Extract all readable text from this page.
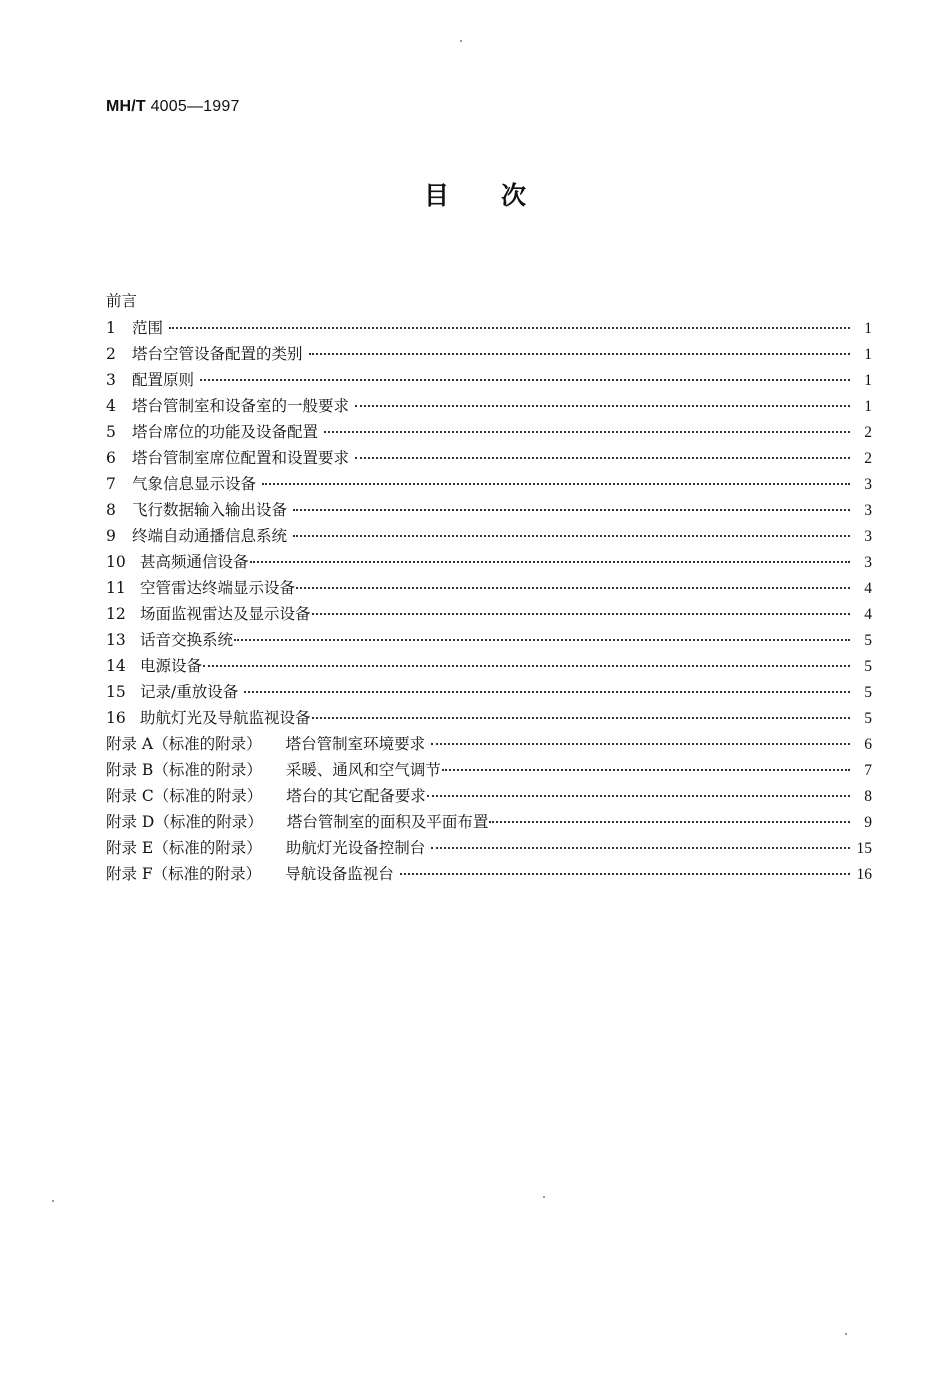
MH/T 4005—1997
目 次
前言
1	范围	1
2	塔台空管设备配置的类别	1
3	配置原则	1
4	塔台管制室和设备室的一般要求	1
5	塔台席位的功能及设备配置	2
6	塔台管制室席位配置和设置要求	2
7	气象信息显示设备	3
8	飞行数据输入输出设备	3
9	终端自动通播信息系统	3
10 甚高频通信设备	3
11 空管雷达终端显示设备	4
12 场面监视雷达及显示设备	4
13 话音交换系统	5
14 电源设备	5
15 记录/重放设备	5
16 助航灯光及导航监视设备	5
附录 A（标准的附录） 塔台管制室环境要求	6
附录 B（标准的附录） 采暖、通风和空气调节	7
附录 C（标准的附录） 塔台的其它配备要求	8
附录 D（标准的附录） 塔台管制室的面积及平面布置	9
附录 E（标准的附录） 助航灯光设备控制台	15
附录 F（标准的附录） 导航设备监视台	16
